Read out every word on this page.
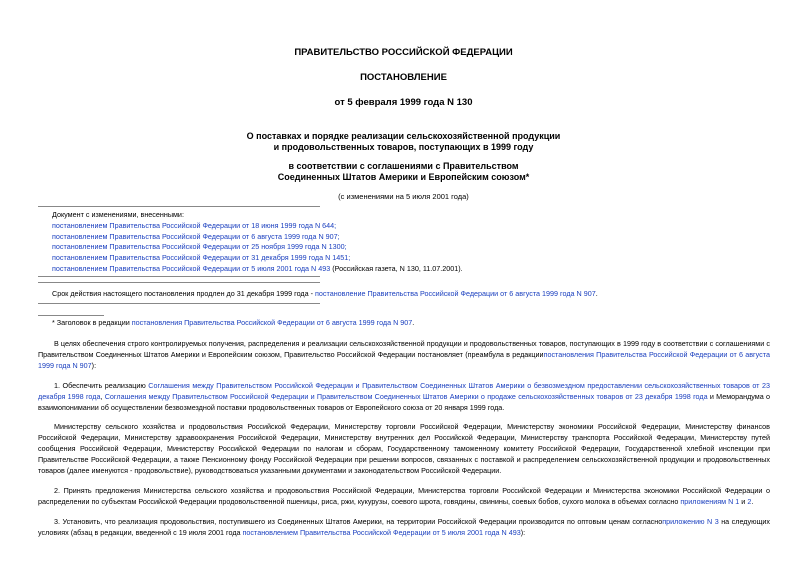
ПРАВИТЕЛЬСТВО РОССИЙСКОЙ ФЕДЕРАЦИИ
ПОСТАНОВЛЕНИЕ
от 5 февраля 1999 года N 130
О поставках и порядке реализации сельскохозяйственной продукции
и продовольственных товаров, поступающих в 1999 году
в соответствии с соглашениями с Правительством
Соединенных Штатов Америки и Европейским союзом*
(с изменениями на 5 июля 2001 года)
Документ с изменениями, внесенными:
постановлением Правительства Российской Федерации от 18 июня 1999 года N 644;
постановлением Правительства Российской Федерации от 6 августа 1999 года N 907;
постановлением Правительства Российской Федерации от 25 ноября 1999 года N 1300;
постановлением Правительства Российской Федерации от 31 декабря 1999 года N 1451;
постановлением Правительства Российской Федерации от 5 июля 2001 года N 493 (Российская газета, N 130, 11.07.2001).
Срок действия настоящего постановления продлен до 31 декабря 1999 года - постановление Правительства Российской Федерации от 6 августа 1999 года N 907.
* Заголовок в редакции постановления Правительства Российской Федерации от 6 августа 1999 года N 907.
В целях обеспечения строго контролируемых получения, распределения и реализации сельскохозяйственной продукции и продовольственных товаров, поступающих в 1999 году в соответствии с соглашениями с Правительством Соединенных Штатов Америки и Европейским союзом, Правительство Российской Федерации постановляет (преамбула в редакциипостановления Правительства Российской Федерации от 6 августа 1999 года N 907):
1. Обеспечить реализацию Соглашения между Правительством Российской Федерации и Правительством Соединенных Штатов Америки о безвозмездном предоставлении сельскохозяйственных товаров от 23 декабря 1998 года, Соглашения между Правительством Российской Федерации и Правительством Соединенных Штатов Америки о продаже сельскохозяйственных товаров от 23 декабря 1998 года и Меморандума о взаимопонимании об осуществлении безвозмездной поставки продовольственных товаров от Европейского союза от 20 января 1999 года.
Министерству сельского хозяйства и продовольствия Российской Федерации, Министерству торговли Российской Федерации, Министерству экономики Российской Федерации, Министерству финансов Российской Федерации, Министерству здравоохранения Российской Федерации, Министерству внутренних дел Российской Федерации, Министерству транспорта Российской Федерации, Министерству путей сообщения Российской Федерации, Министерству Российской Федерации по налогам и сборам, Государственному таможенному комитету Российской Федерации, Государственной хлебной инспекции при Правительстве Российской Федерации, а также Пенсионному фонду Российской Федерации при решении вопросов, связанных с поставкой и распределением сельскохозяйственной продукции и продовольственных товаров (далее именуются - продовольствие), руководствоваться указанными документами и законодательством Российской Федерации.
2. Принять предложения Министерства сельского хозяйства и продовольствия Российской Федерации, Министерства торговли Российской Федерации и Министерства экономики Российской Федерации о распределении по субъектам Российской Федерации продовольственной пшеницы, риса, ржи, кукурузы, соевого шрота, говядины, свинины, соевых бобов, сухого молока в объемах согласно приложениям N 1 и 2.
3. Установить, что реализация продовольствия, поступившего из Соединенных Штатов Америки, на территории Российской Федерации производится по оптовым ценам согласноприложению N 3 на следующих условиях (абзац в редакции, введенной с 19 июля 2001 года постановлением Правительства Российской Федерации от 5 июля 2001 года N 493):
